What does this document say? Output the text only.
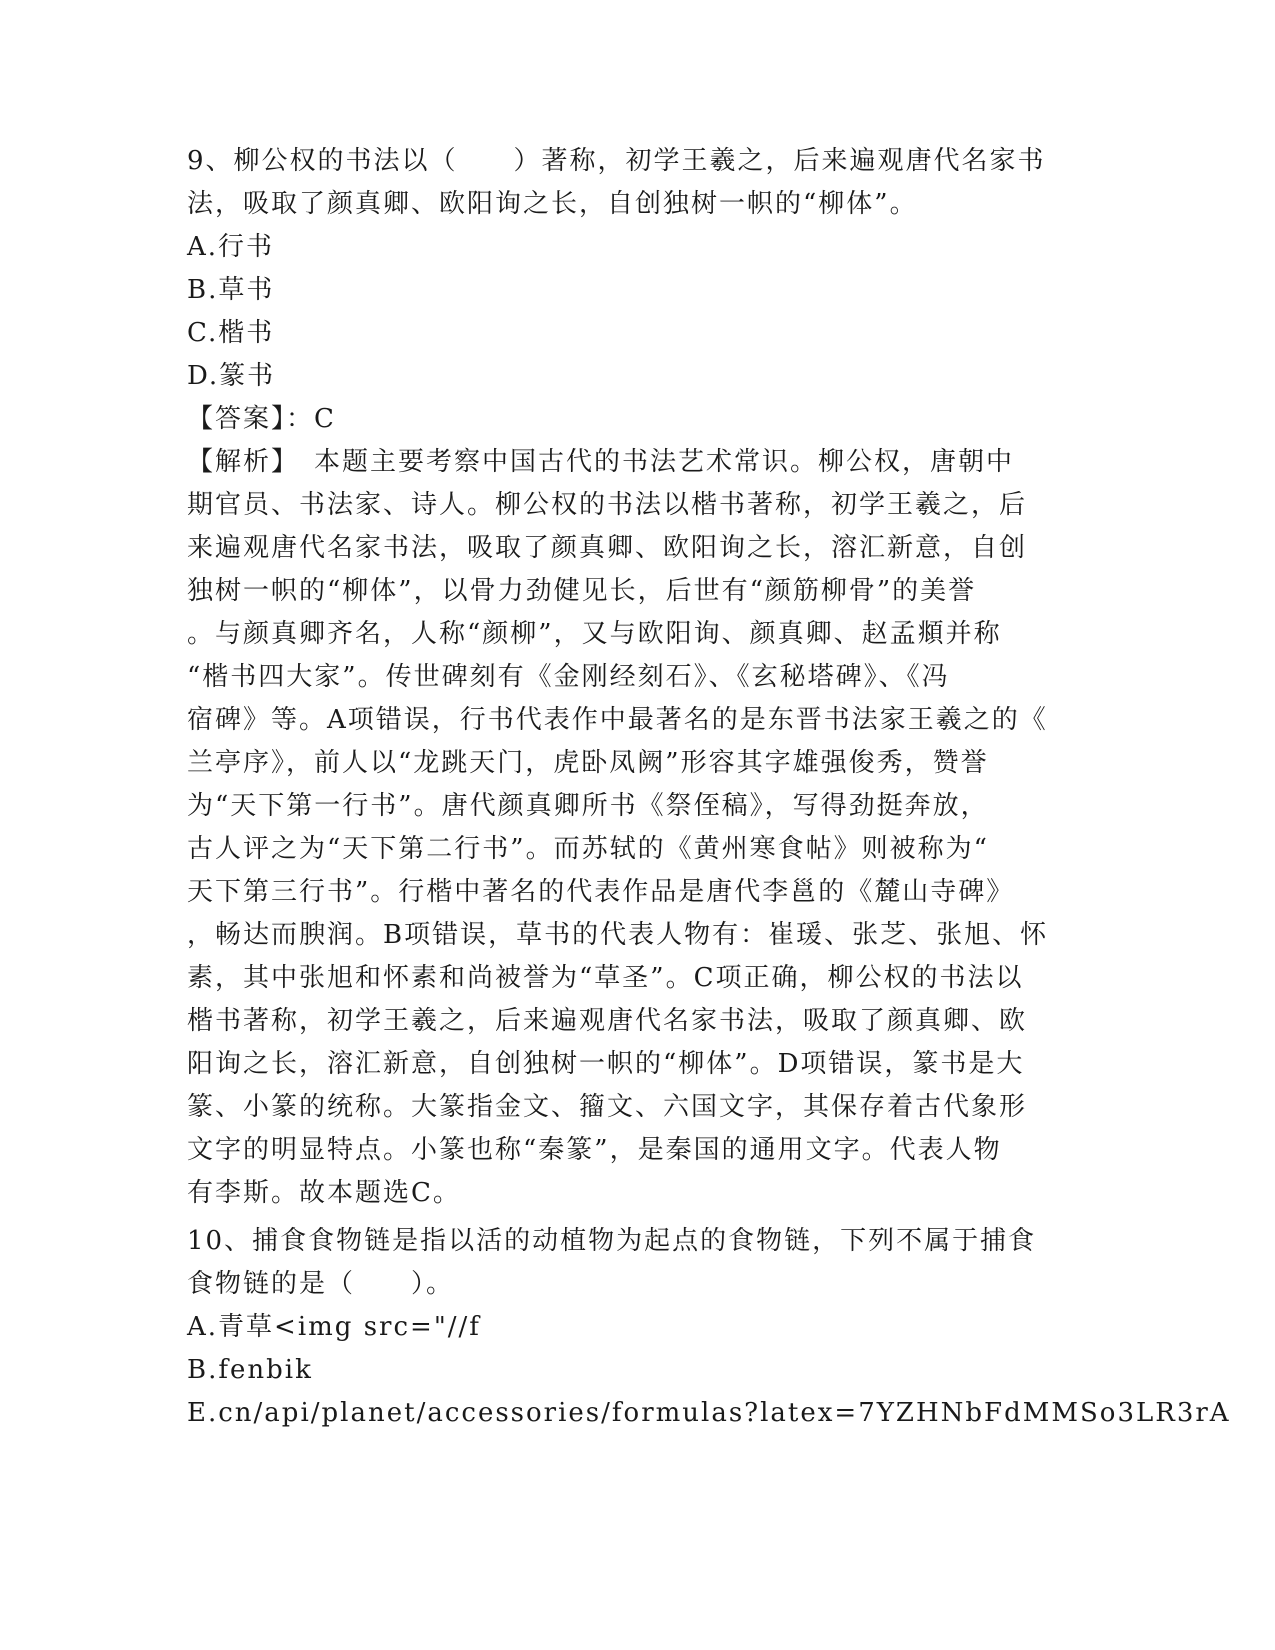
9、柳公权的书法以（　　）著称，初学王羲之，后来遍观唐代名家书
法，吸取了颜真卿、欧阳询之长，自创独树一帜的“柳体”。
A.行书
B.草书
C.楷书
D.篆书
【答案】：C
【解析】　本题主要考察中国古代的书法艺术常识。柳公权，唐朝中
期官员、书法家、诗人。柳公权的书法以楷书著称，初学王羲之，后
来遍观唐代名家书法，吸取了颜真卿、欧阳询之长，溶汇新意，自创
独树一帜的“柳体”，以骨力劲健见长，后世有“颜筋柳骨”的美誉
。与颜真卿齐名，人称“颜柳”，又与欧阳询、颜真卿、赵孟頫并称
“楷书四大家”。传世碑刻有《金刚经刻石》、《玄秘塔碑》、《冯
宿碑》等。A项错误，行书代表作中最著名的是东晋书法家王羲之的《
兰亭序》，前人以“龙跳天门，虎卧凤阙”形容其字雄强俊秀，赞誉
为“天下第一行书”。唐代颜真卿所书《祭侄稿》，写得劲挺奔放，
古人评之为“天下第二行书”。而苏轼的《黄州寒食帖》则被称为“
天下第三行书”。行楷中著名的代表作品是唐代李邕的《麓山寺碑》
，畅达而腴润。B项错误，草书的代表人物有：崔瑗、张芝、张旭、怀
素，其中张旭和怀素和尚被誉为“草圣”。C项正确，柳公权的书法以
楷书著称，初学王羲之，后来遍观唐代名家书法，吸取了颜真卿、欧
阳询之长，溶汇新意，自创独树一帜的“柳体”。D项错误，篆书是大
篆、小篆的统称。大篆指金文、籀文、六国文字，其保存着古代象形
文字的明显特点。小篆也称“秦篆”，是秦国的通用文字。代表人物
有李斯。故本题选C。
10、捕食食物链是指以活的动植物为起点的食物链，下列不属于捕食
食物链的是（　　）。
A.青草<img src="//f
B.fenbik
E.cn/api/planet/accessories/formulas?latex=7YZHNbFdMMSo3LR3rA
